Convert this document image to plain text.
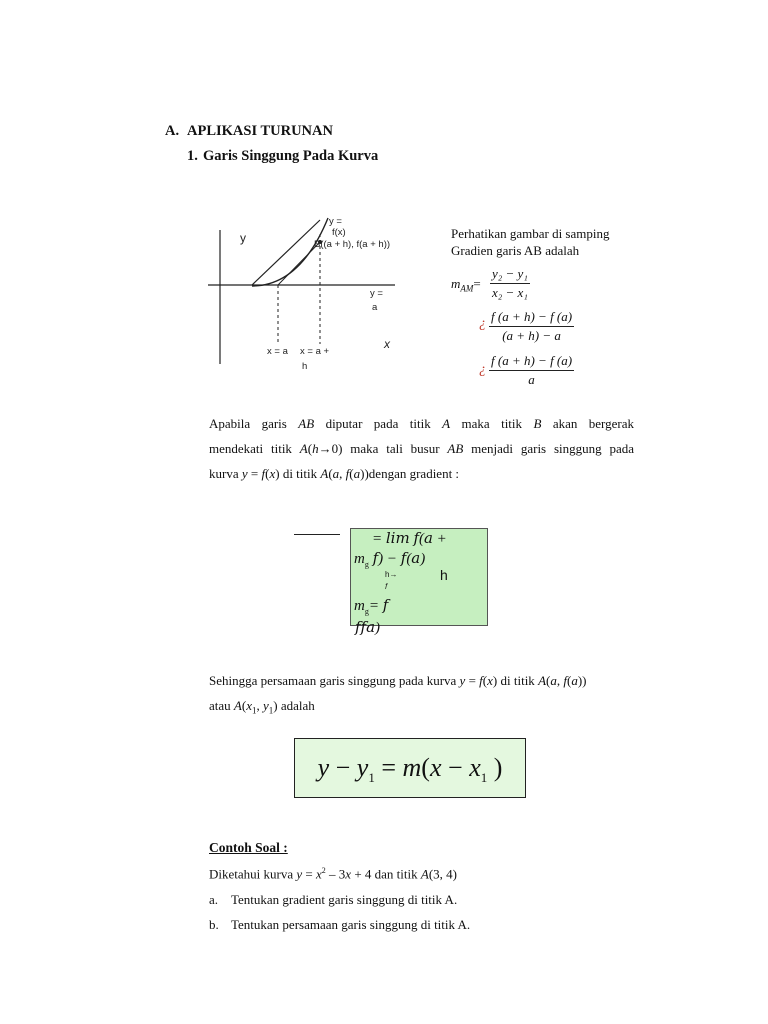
A. APLIKASI TURUNAN
1. Garis Singgung Pada Kurva
y
x
y =
f(x)
B((a + h), f(a + h))
y =
a
x = a x = a +
h
Perhatikan gambar di samping
Gradien garis AB adalah
$m_{AM}= \frac{\text{y₂ − y₁}}{\text{x₂ − x₁}}$
¿ $\frac{f (a + h) - f (a)}{(a + h) - a}$
¿ $\frac{f (a + h) - f (a)}{a}$
Apabila garis AB diputar pada titik A maka titik B akan bergerak
mendekati titik A(h→0) maka tali busur AB menjadi garis singgung pada
kurva y = f(x) di titik A(a, f(a))dengan gradient :
= 𝑙𝑖𝑚 𝑓(𝑎 +
$m_g$ 𝑓) − 𝑓(𝑎)
h→
𝑓
h
$m_g=$ 𝑓
𝑓𝑓𝑎)
Sehingga persamaan garis singgung pada kurva y = f(x) di titik A(a, f(a))
atau $A(x_1$, $y_1$) adalah
$y - y_1 = m(x - x_1$ )
Contoh Soal :
Diketahui kurva $y = x^2 - 3x + 4$ dan titik A(3, 4)
a. Tentukan gradient garis singgung di titik A.
b. Tentukan persamaan garis singgung di titik A.
